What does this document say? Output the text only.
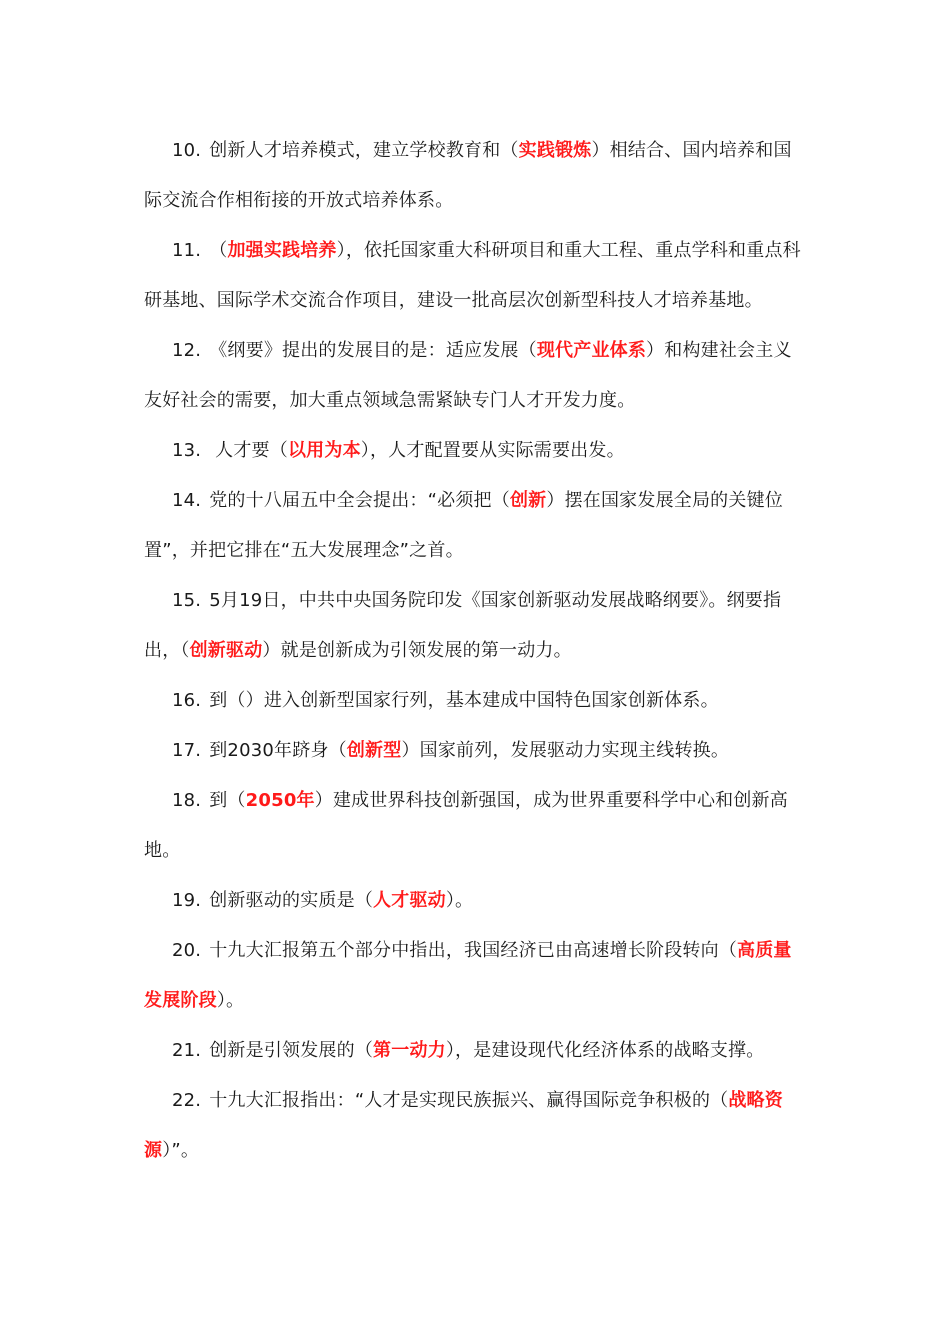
10. 创新人才培养模式，建立学校教育和（实践锻炼）相结合、国内培养和国际交流合作相衔接的开放式培养体系。

11. （加强实践培养），依托国家重大科研项目和重大工程、重点学科和重点科研基地、国际学术交流合作项目，建设一批高层次创新型科技人才培养基地。

12. 《纲要》提出的发展目的是：适应发展（现代产业体系）和构建社会主义友好社会的需要，加大重点领域急需紧缺专门人才开发力度。

13. 人才要（以用为本），人才配置要从实际需要出发。

14. 党的十八届五中全会提出：“必须把（创新）摆在国家发展全局的关键位置”，并把它排在“五大发展理念”之首。

15. 5月19日，中共中央国务院印发《国家创新驱动发展战略纲要》。纲要指出，（创新驱动）就是创新成为引领发展的第一动力。

16. 到（）进入创新型国家行列，基本建成中国特色国家创新体系。

17. 到2030年跻身（创新型）国家前列，发展驱动力实现主线转换。

18. 到（2050年）建成世界科技创新强国，成为世界重要科学中心和创新高地。

19. 创新驱动的实质是（人才驱动）。

20. 十九大汇报第五个部分中指出，我国经济已由高速增长阶段转向（高质量发展阶段）。

21. 创新是引领发展的（第一动力），是建设现代化经济体系的战略支撑。

22. 十九大汇报指出：“人才是实现民族振兴、赢得国际竞争积极的（战略资源）”。
